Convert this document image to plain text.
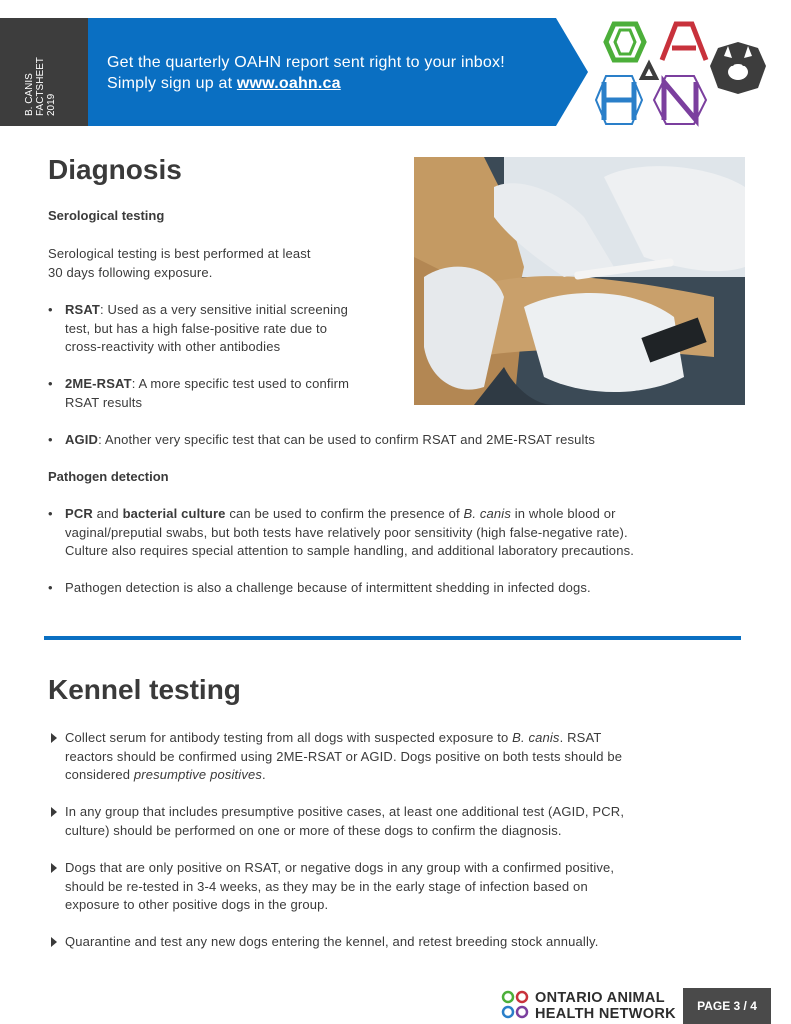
B. CANIS FACTSHEET 2019
Get the quarterly OAHN report sent right to your inbox!
Simply sign up at www.oahn.ca
Diagnosis
Serological testing
Serological testing is best performed at least
30 days following exposure.
• RSAT: Used as a very sensitive initial screening
test, but has a high false-positive rate due to
cross-reactivity with other antibodies
• 2ME-RSAT: A more specific test used to confirm
RSAT results
• AGID: Another very specific test that can be used to confirm RSAT and 2ME-RSAT results
Pathogen detection
• PCR and bacterial culture can be used to confirm the presence of B. canis in whole blood or
vaginal/preputial swabs, but both tests have relatively poor sensitivity (high false-negative rate).
Culture also requires special attention to sample handling, and additional laboratory precautions.
• Pathogen detection is also a challenge because of intermittent shedding in infected dogs.
Kennel testing
Collect serum for antibody testing from all dogs with suspected exposure to B. canis. RSAT
reactors should be confirmed using 2ME-RSAT or AGID. Dogs positive on both tests should be
considered presumptive positives.
In any group that includes presumptive positive cases, at least one additional test (AGID, PCR,
culture) should be performed on one or more of these dogs to confirm the diagnosis.
Dogs that are only positive on RSAT, or negative dogs in any group with a confirmed positive,
should be re-tested in 3-4 weeks, as they may be in the early stage of infection based on
exposure to other positive dogs in the group.
Quarantine and test any new dogs entering the kennel, and retest breeding stock annually.
ONTARIO ANIMAL
HEALTH NETWORK	PAGE 3 / 4
